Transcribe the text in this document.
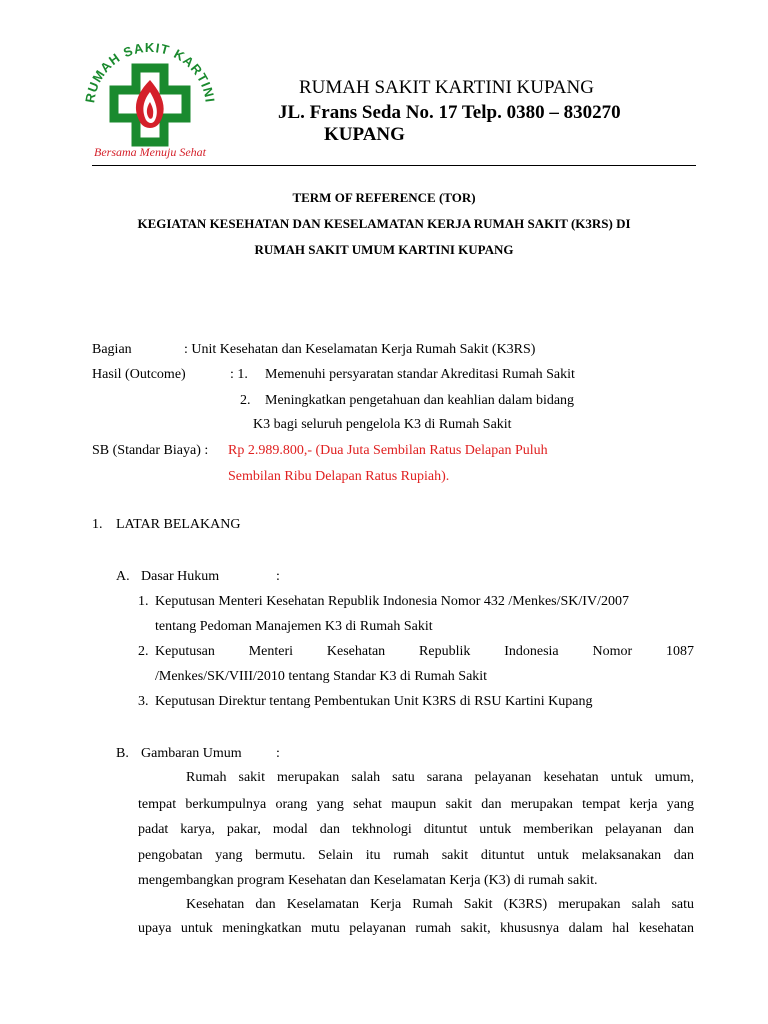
RUMAH SAKIT KARTINI
Bersama Menuju Sehat
RUMAH SAKIT KARTINI KUPANG
JL. Frans Seda No. 17 Telp. 0380 – 830270
KUPANG
TERM OF REFERENCE (TOR)
KEGIATAN KESEHATAN DAN KESELAMATAN KERJA RUMAH SAKIT (K3RS) DI
RUMAH SAKIT UMUM KARTINI KUPANG
Bagian	: Unit Kesehatan dan Keselamatan Kerja Rumah Sakit (K3RS)
Hasil (Outcome)	: 1. Memenuhi persyaratan standar Akreditasi Rumah Sakit
2. Meningkatkan pengetahuan dan keahlian dalam bidang
K3 bagi seluruh pengelola K3 di Rumah Sakit
SB (Standar Biaya) : Rp 2.989.800,- (Dua Juta Sembilan Ratus Delapan Puluh
Sembilan Ribu Delapan Ratus Rupiah).
1. LATAR BELAKANG
A. Dasar Hukum	:
1. Keputusan Menteri Kesehatan Republik Indonesia Nomor 432 /Menkes/SK/IV/2007
tentang Pedoman Manajemen K3 di Rumah Sakit
2. Keputusan Menteri Kesehatan Republik Indonesia Nomor 1087
/Menkes/SK/VIII/2010 tentang Standar K3 di Rumah Sakit
3. Keputusan Direktur tentang Pembentukan Unit K3RS di RSU Kartini Kupang
B. Gambaran Umum :
Rumah sakit merupakan salah satu sarana pelayanan kesehatan untuk umum,
tempat berkumpulnya orang yang sehat maupun sakit dan merupakan tempat kerja yang
padat karya, pakar, modal dan tekhnologi dituntut untuk memberikan pelayanan dan
pengobatan yang bermutu. Selain itu rumah sakit dituntut untuk melaksanakan dan
mengembangkan program Kesehatan dan Keselamatan Kerja (K3) di rumah sakit.
Kesehatan dan Keselamatan Kerja Rumah Sakit (K3RS) merupakan salah satu
upaya untuk meningkatkan mutu pelayanan rumah sakit, khususnya dalam hal kesehatan
